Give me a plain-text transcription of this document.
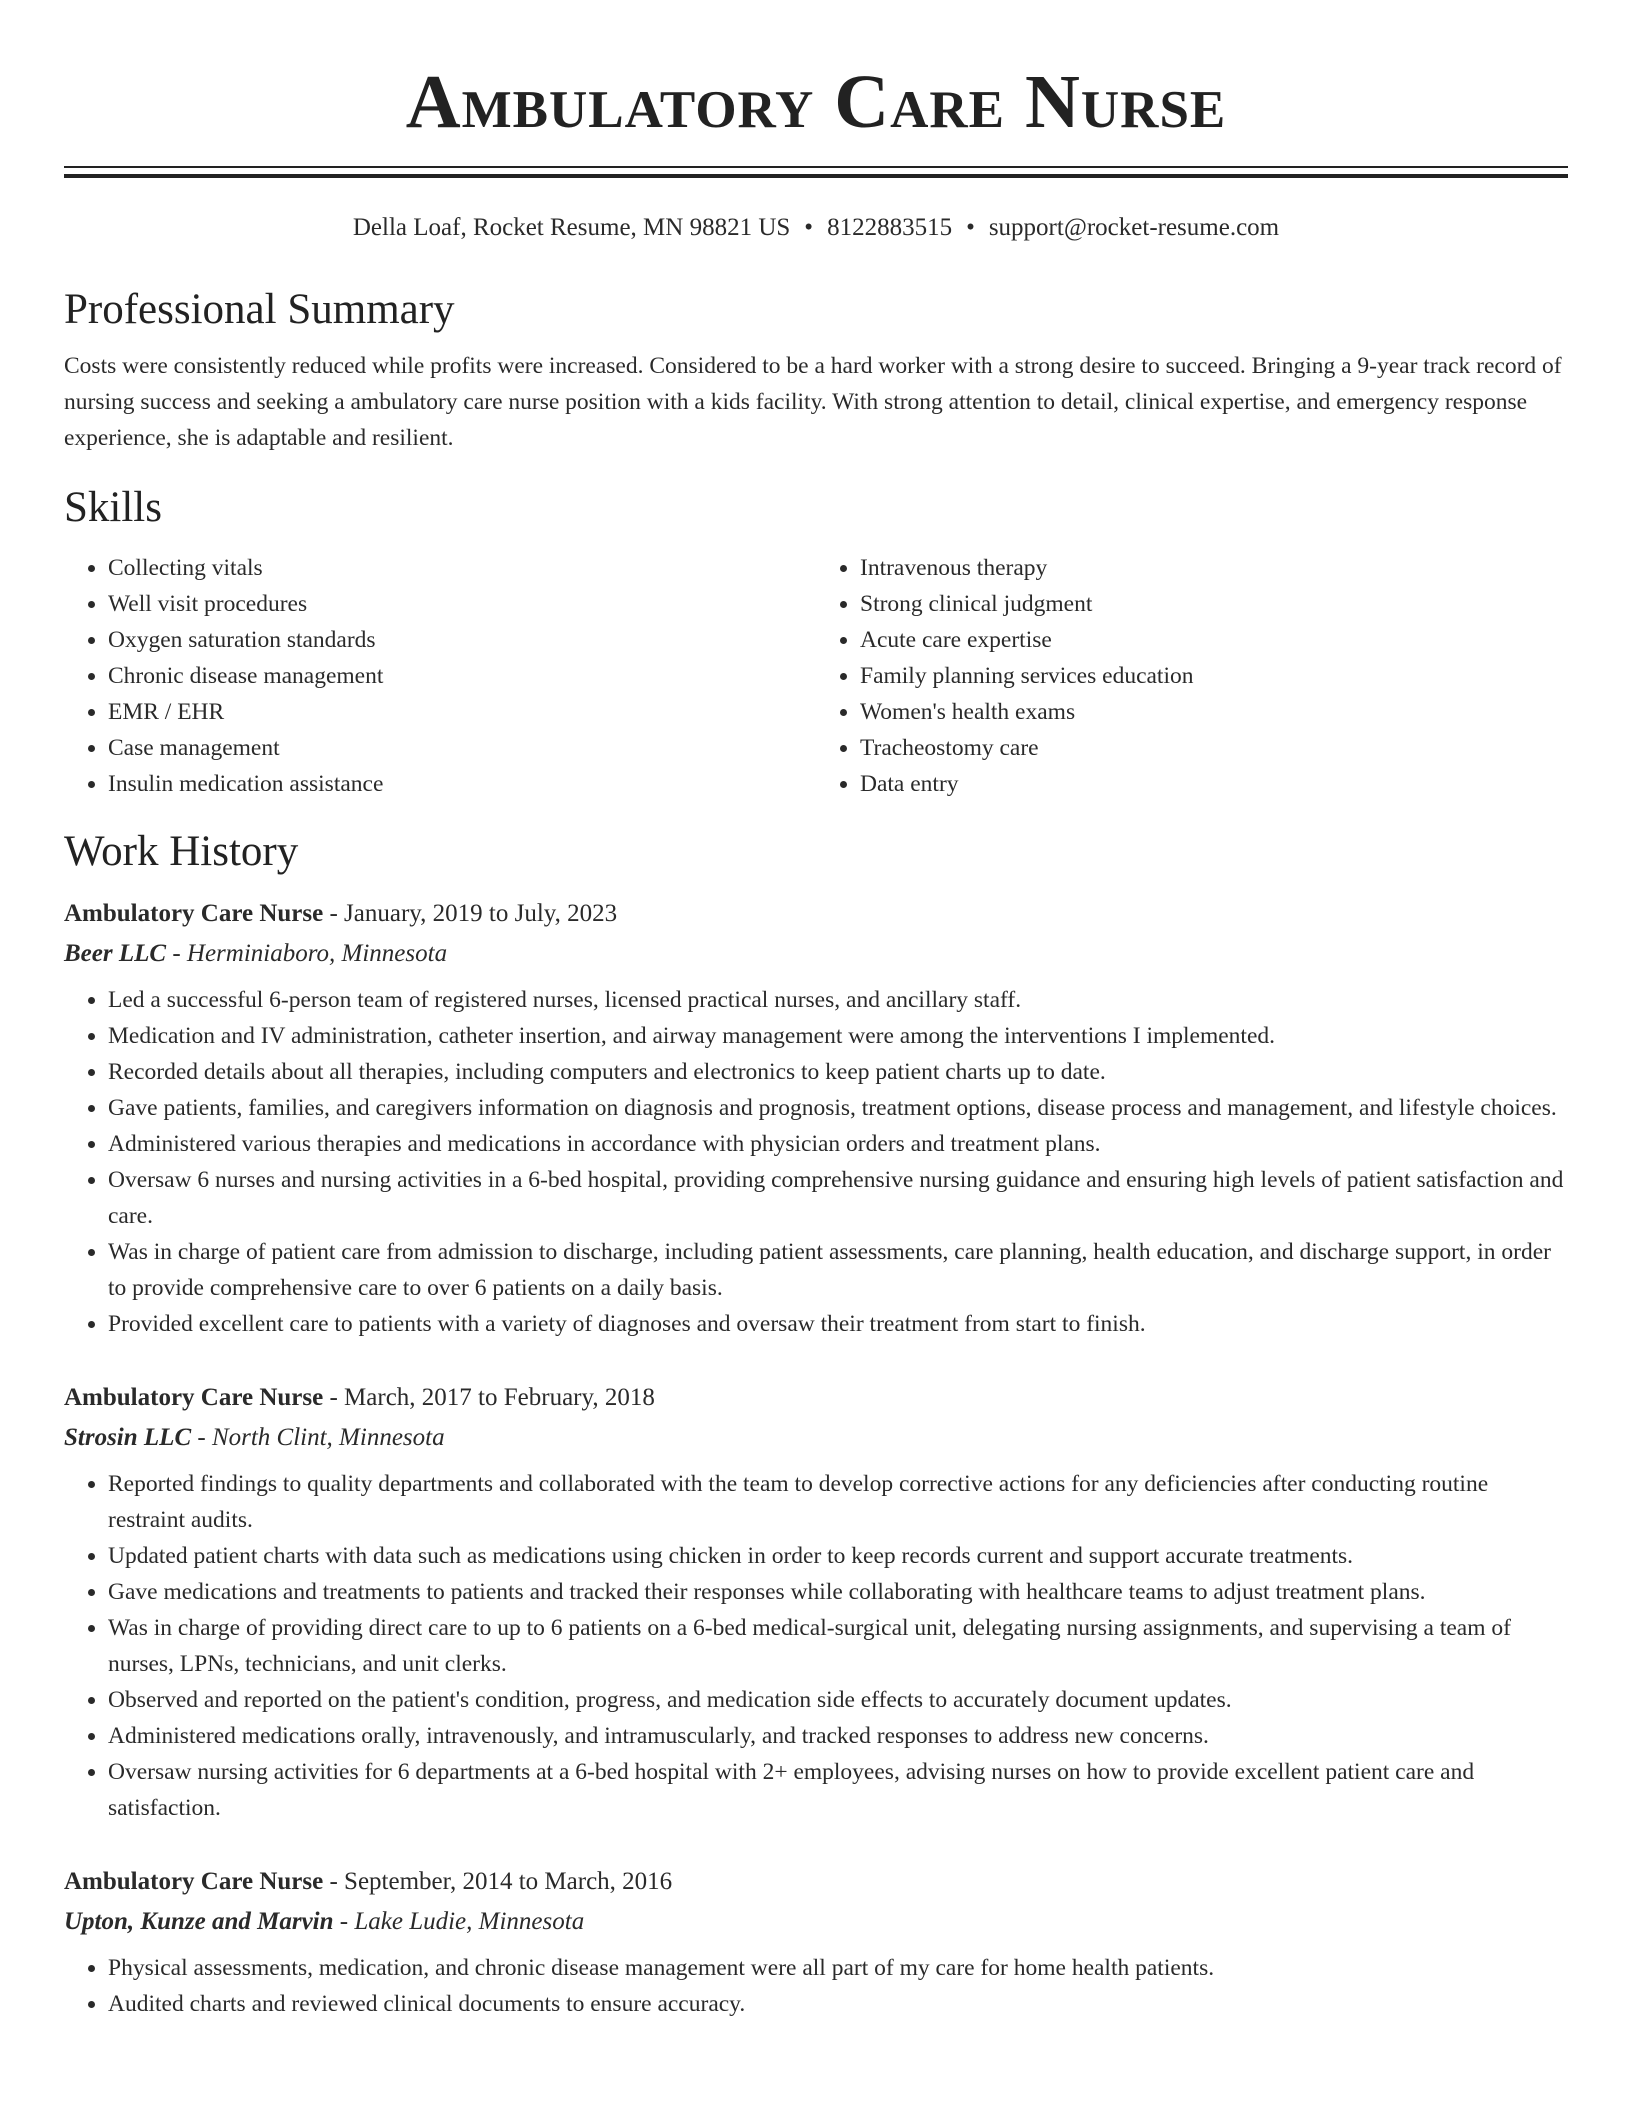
Ambulatory Care Nurse
Della Loaf, Rocket Resume, MN 98821 US • 8122883515 • support@rocket-resume.com
Professional Summary
Costs were consistently reduced while profits were increased. Considered to be a hard worker with a strong desire to succeed. Bringing a 9-year track record of nursing success and seeking a ambulatory care nurse position with a kids facility. With strong attention to detail, clinical expertise, and emergency response experience, she is adaptable and resilient.
Skills
• Collecting vitals
• Well visit procedures
• Oxygen saturation standards
• Chronic disease management
• EMR / EHR
• Case management
• Insulin medication assistance
• Intravenous therapy
• Strong clinical judgment
• Acute care expertise
• Family planning services education
• Women's health exams
• Tracheostomy care
• Data entry
Work History
Ambulatory Care Nurse - January, 2019 to July, 2023
Beer LLC - Herminiaboro, Minnesota
• Led a successful 6-person team of registered nurses, licensed practical nurses, and ancillary staff.
• Medication and IV administration, catheter insertion, and airway management were among the interventions I implemented.
• Recorded details about all therapies, including computers and electronics to keep patient charts up to date.
• Gave patients, families, and caregivers information on diagnosis and prognosis, treatment options, disease process and management, and lifestyle choices.
• Administered various therapies and medications in accordance with physician orders and treatment plans.
• Oversaw 6 nurses and nursing activities in a 6-bed hospital, providing comprehensive nursing guidance and ensuring high levels of patient satisfaction and care.
• Was in charge of patient care from admission to discharge, including patient assessments, care planning, health education, and discharge support, in order to provide comprehensive care to over 6 patients on a daily basis.
• Provided excellent care to patients with a variety of diagnoses and oversaw their treatment from start to finish.
Ambulatory Care Nurse - March, 2017 to February, 2018
Strosin LLC - North Clint, Minnesota
• Reported findings to quality departments and collaborated with the team to develop corrective actions for any deficiencies after conducting routine restraint audits.
• Updated patient charts with data such as medications using chicken in order to keep records current and support accurate treatments.
• Gave medications and treatments to patients and tracked their responses while collaborating with healthcare teams to adjust treatment plans.
• Was in charge of providing direct care to up to 6 patients on a 6-bed medical-surgical unit, delegating nursing assignments, and supervising a team of nurses, LPNs, technicians, and unit clerks.
• Observed and reported on the patient's condition, progress, and medication side effects to accurately document updates.
• Administered medications orally, intravenously, and intramuscularly, and tracked responses to address new concerns.
• Oversaw nursing activities for 6 departments at a 6-bed hospital with 2+ employees, advising nurses on how to provide excellent patient care and satisfaction.
Ambulatory Care Nurse - September, 2014 to March, 2016
Upton, Kunze and Marvin - Lake Ludie, Minnesota
• Physical assessments, medication, and chronic disease management were all part of my care for home health patients.
• Audited charts and reviewed clinical documents to ensure accuracy.
